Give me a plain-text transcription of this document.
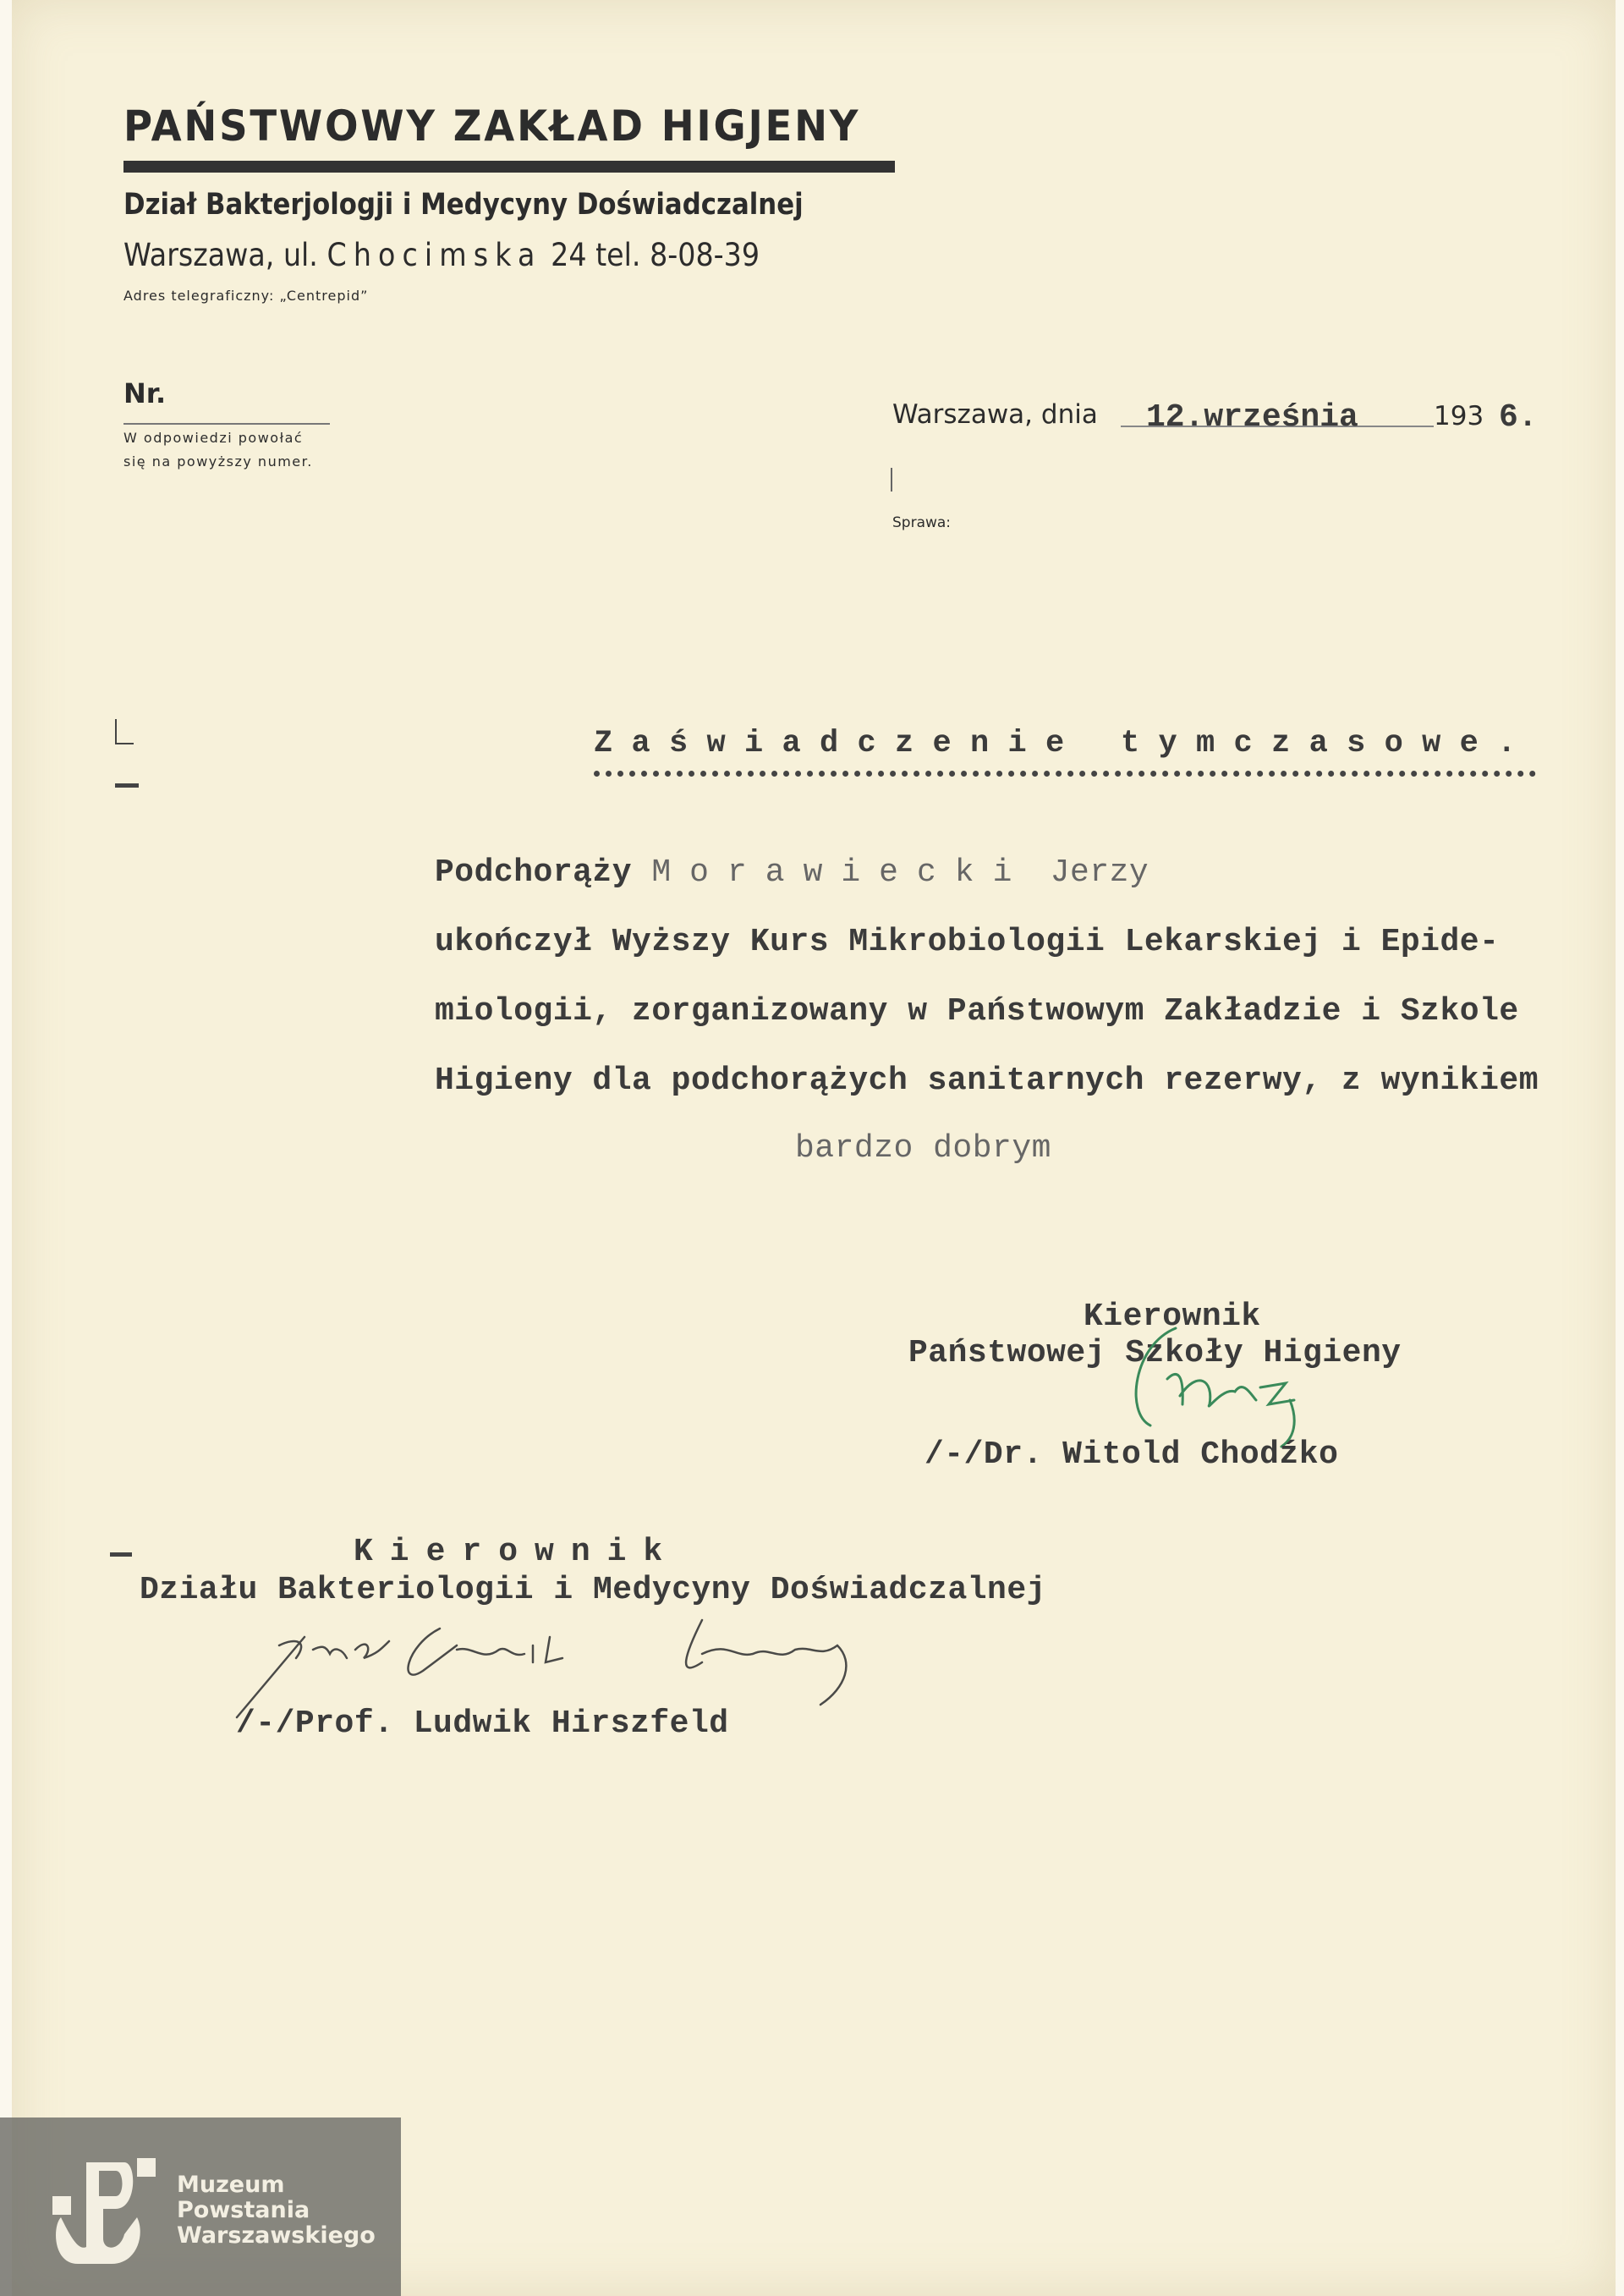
PAŃSTWOWY ZAKŁAD HIGJENY
Dział Bakterjologji i Medycyny Doświadczalnej
Warszawa, ul. Chocimska 24 tel. 8-08-39
Adres telegraficzny: „Centrepid”
Nr.
W odpowiedzi powołać
się na powyższy numer.
Warszawa, dnia 12.września	193 6.
Sprawa:
Zaświadczenie tymczasowe.
Podchorąży Morawiecki Jerzy
ukończył Wyższy Kurs Mikrobiologii Lekarskiej i Epide-
miologii, zorganizowany w Państwowym Zakładzie i Szkole
Higieny dla podchorążych sanitarnych rezerwy, z wynikiem
bardzo dobrym
Kierownik
Państwowej Szkoły Higieny
/-/Dr. Witold Chodźko
Kierownik
Działu Bakteriologii i Medycyny Doświadczalnej
/-/Prof. Ludwik Hirszfeld
Muzeum
Powstania
Warszawskiego
